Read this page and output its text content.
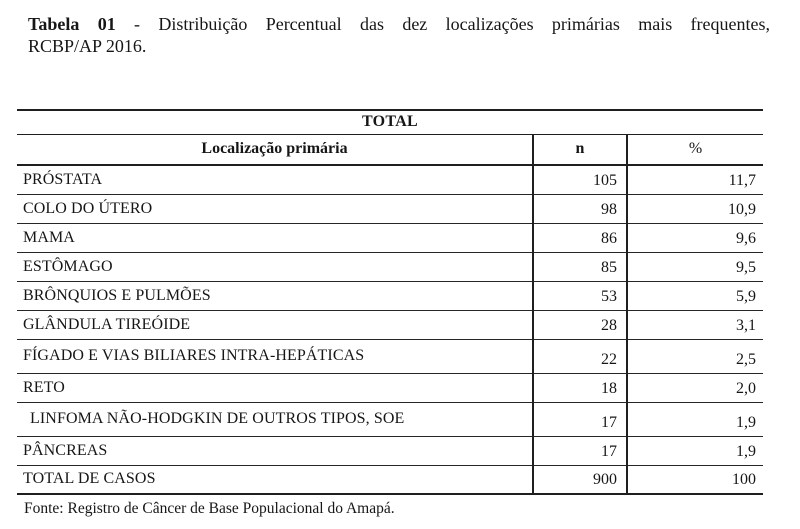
Tabela 01 - Distribuição Percentual das dez localizações primárias mais frequentes,
RCBP/AP 2016.
TOTAL		
Localização primária	n	%
PRÓSTATA	105	11,7
COLO DO ÚTERO	98	10,9
MAMA	86	9,6
ESTÔMAGO	85	9,5
BRÔNQUIOS E PULMÕES	53	5,9
GLÂNDULA TIREÓIDE	28	3,1
FÍGADO E VIAS BILIARES INTRA-HEPÁTICAS	22	2,5
RETO	18	2,0
LINFOMA NÃO-HODGKIN DE OUTROS TIPOS, SOE	17	1,9
PÂNCREAS	17	1,9
TOTAL DE CASOS	900	100

Fonte: Registro de Câncer de Base Populacional do Amapá.
